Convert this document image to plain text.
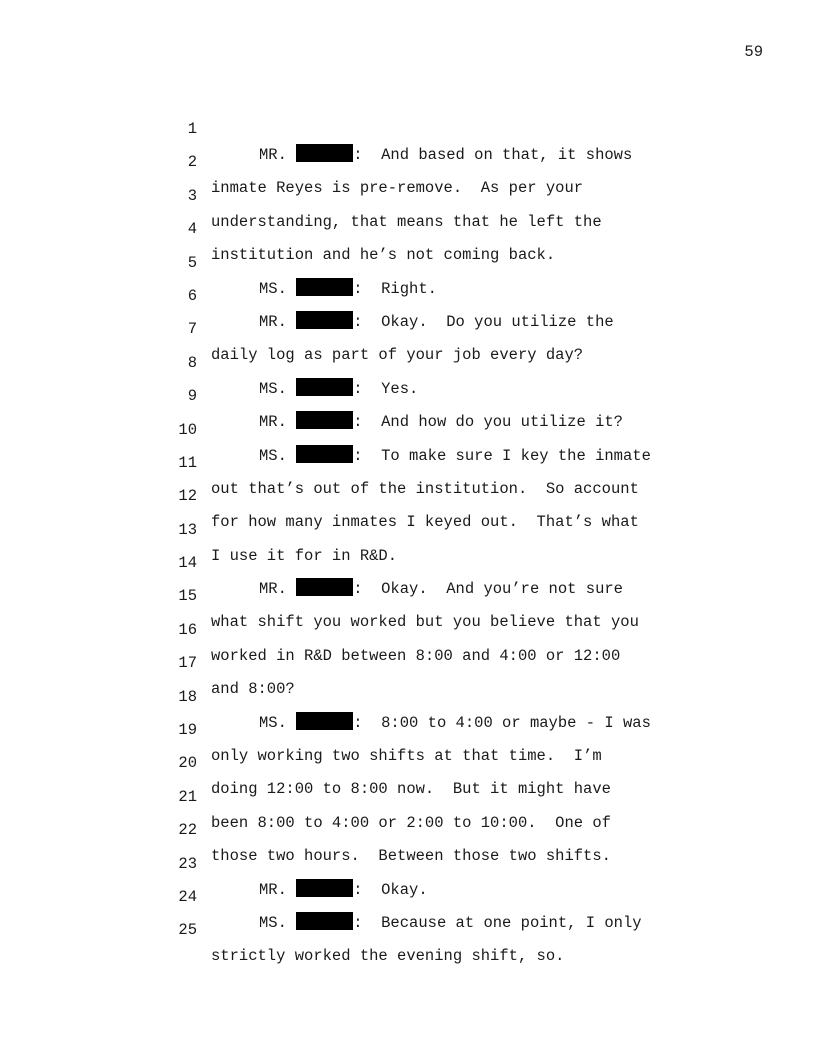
59

1

MR.	:  And based on that, it shows

2

inmate Reyes is pre-remove.  As per your

3

understanding, that means that he left the

4

institution and he’s not coming back.

5

MS.	:  Right.

6

MR.	:  Okay.  Do you utilize the

7

daily log as part of your job every day?

8

MS.	:  Yes.

9

MR.	:  And how do you utilize it?

10

MS.	:  To make sure I key the inmate

11

out that’s out of the institution.  So account

12

for how many inmates I keyed out.  That’s what

13

I use it for in R&D.

14

MR.	:  Okay.  And you’re not sure

15

what shift you worked but you believe that you

16

worked in R&D between 8:00 and 4:00 or 12:00

17

and 8:00?

18

MS.	:  8:00 to 4:00 or maybe - I was

19

only working two shifts at that time.  I’m

20

doing 12:00 to 8:00 now.  But it might have

21

been 8:00 to 4:00 or 2:00 to 10:00.  One of

22

those two hours.  Between those two shifts.

23

MR.	:  Okay.

24

MS.	:  Because at one point, I only

25

strictly worked the evening shift, so.
